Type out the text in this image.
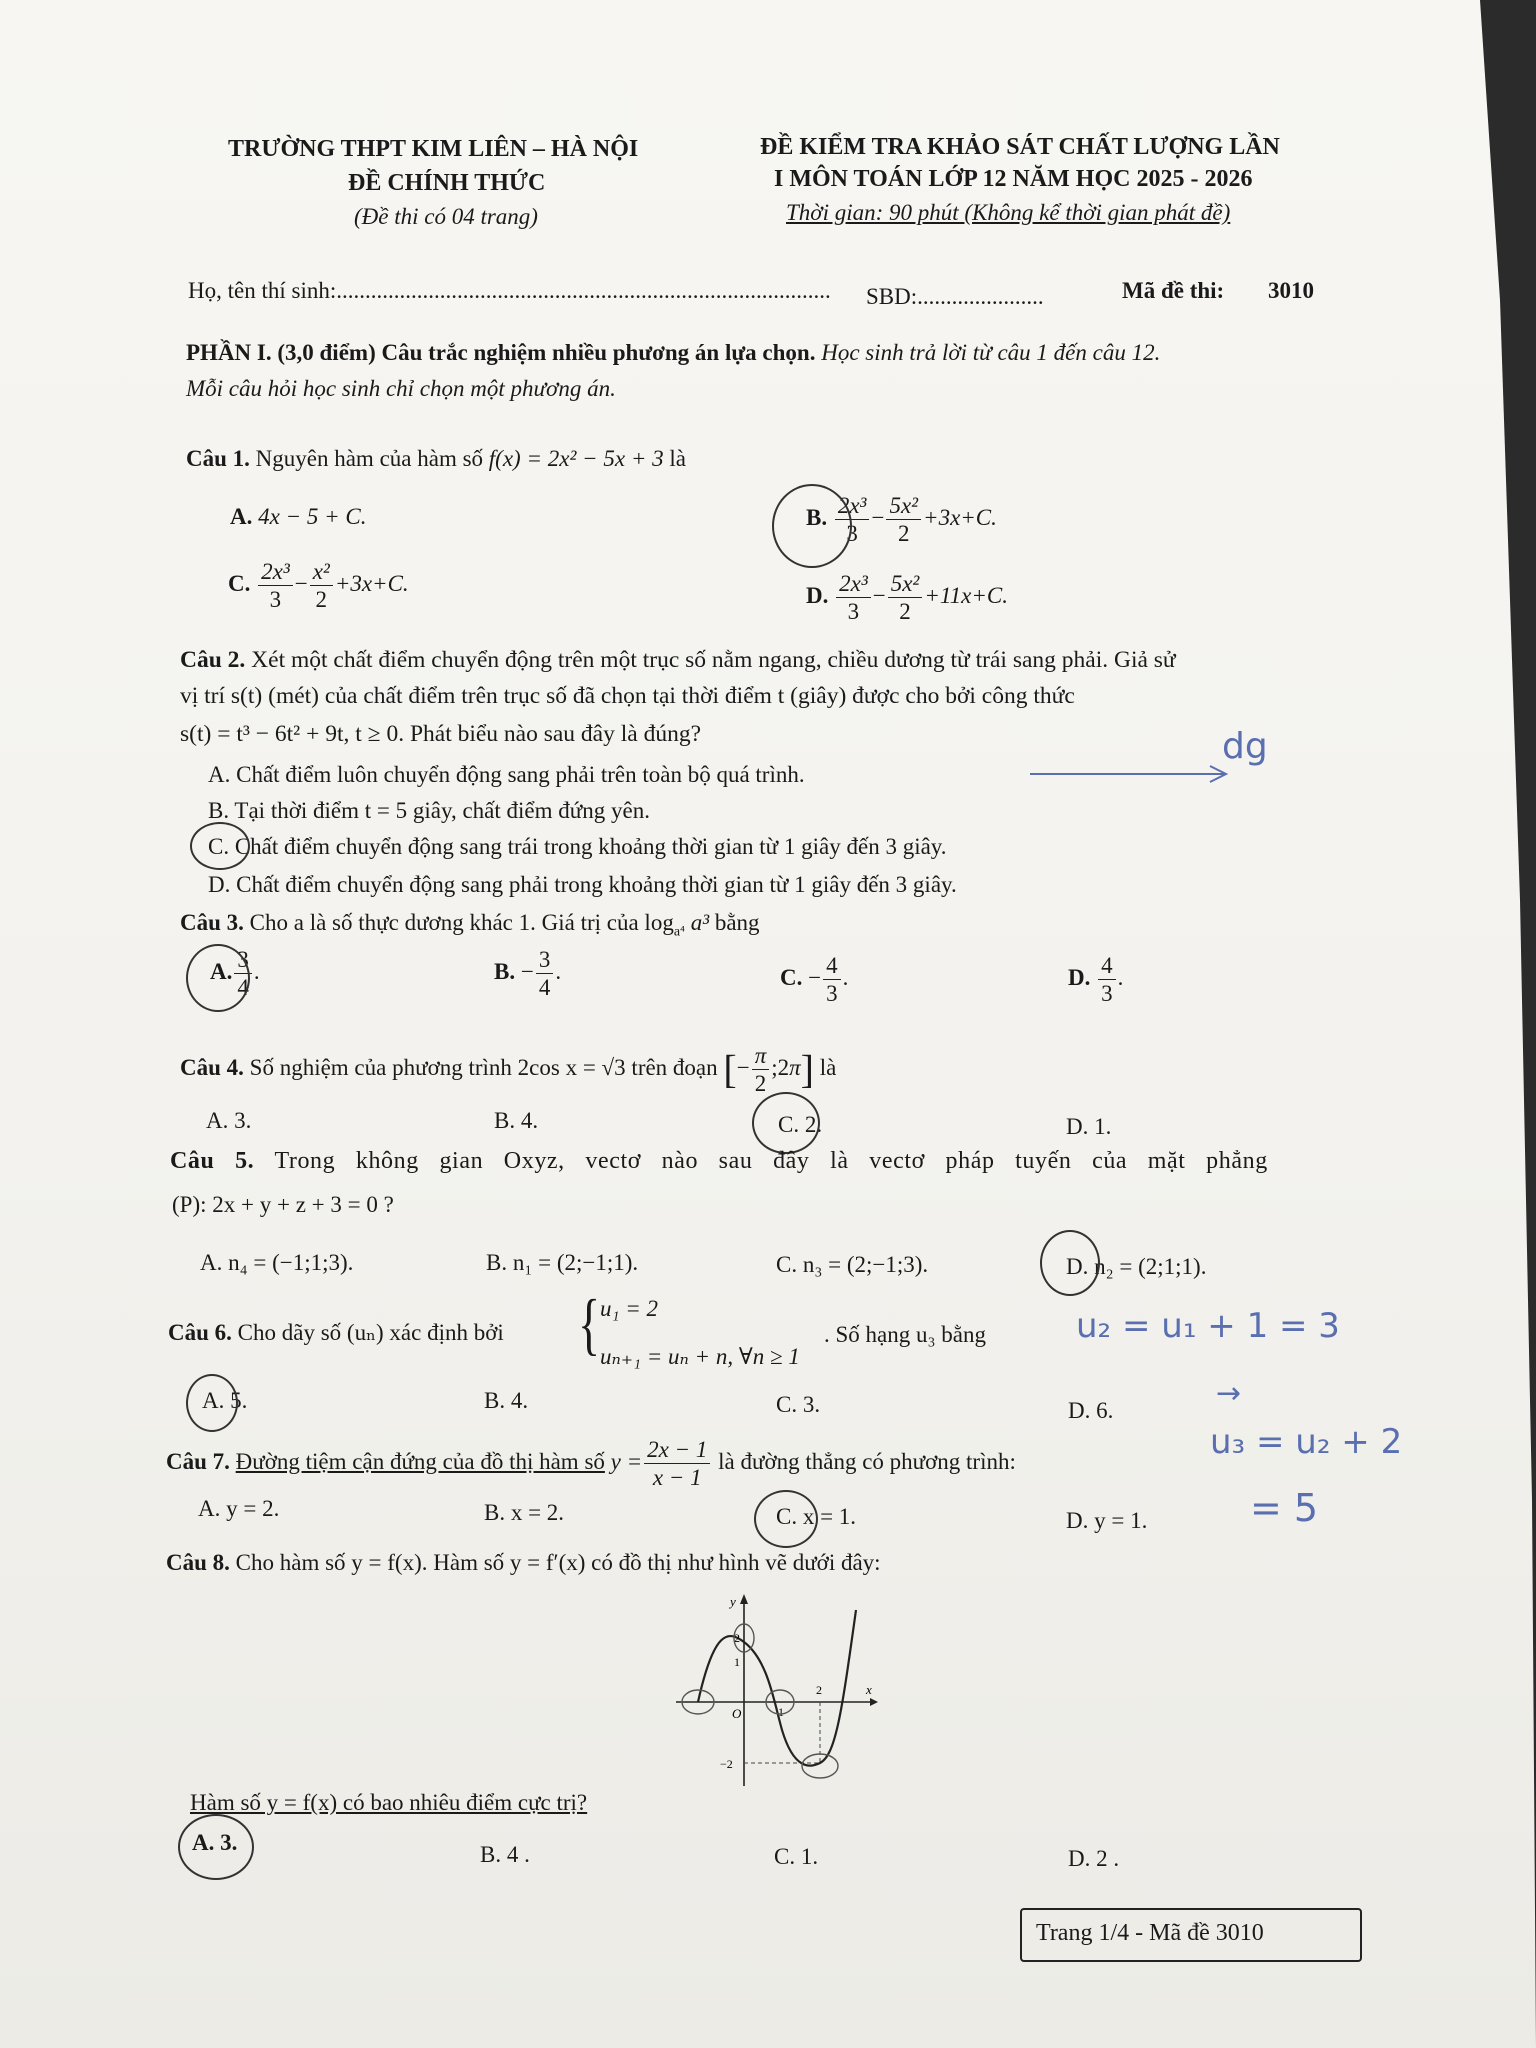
TRƯỜNG THPT KIM LIÊN – HÀ NỘI
ĐỀ CHÍNH THỨC
(Đề thi có 04 trang)
ĐỀ KIỂM TRA KHẢO SÁT CHẤT LƯỢNG LẦN
I MÔN TOÁN LỚP 12 NĂM HỌC 2025 - 2026
Thời gian: 90 phút (Không kể thời gian phát đề)
Họ, tên thí sinh:...................................................................................... SBD:......................	Mã đề thi: 3010
PHẦN I. (3,0 điểm) Câu trắc nghiệm nhiều phương án lựa chọn. Học sinh trả lời từ câu 1 đến câu 12.
Mỗi câu hỏi học sinh chỉ chọn một phương án.
Câu 1. Nguyên hàm của hàm số f(x) = 2x² − 5x + 3 là
A. 4x − 5 + C.	B. $\frac{\text{2x³}}{3} - \frac{\text{5x²}}{2} +3x+C$.
C. $\frac{\text{2x³}}{3} - \frac{\text{x²}}{2} +3x+C$.	D. $\frac{\text{2x³}}{3} - \frac{\text{5x²}}{2} +11x+C$.
Câu 2. Xét một chất điểm chuyển động trên một trục số nằm ngang, chiều dương từ trái sang phải. Giả sử
vị trí s(t) (mét) của chất điểm trên trục số đã chọn tại thời điểm t (giây) được cho bởi công thức
s(t) = t³ − 6t² + 9t, t ≥ 0. Phát biểu nào sau đây là đúng?
A. Chất điểm luôn chuyển động sang phải trên toàn bộ quá trình.
B. Tại thời điểm t = 5 giây, chất điểm đứng yên.
C. Chất điểm chuyển động sang trái trong khoảng thời gian từ 1 giây đến 3 giây.
D. Chất điểm chuyển động sang phải trong khoảng thời gian từ 1 giây đến 3 giây.
Câu 3. Cho a là số thực dương khác 1. Giá trị của $\log_{a^4} a^3$ bằng
A. $\frac{3}{4}$ .	B. − $\frac{3}{4}$ .	C. − $\frac{4}{3}$ .	D. $\frac{4}{3}$ .
Câu 4. Số nghiệm của phương trình 2cos x = √3 trên đoạn [− $\frac{\pi}{2}$ ;2π] là
A. 3.	B. 4.	C. 2.	D. 1.
Câu 5. Trong không gian Oxyz, vectơ nào sau đây là vectơ pháp tuyến của mặt phẳng
(P): 2x + y + z + 3 = 0 ?
A. n₄ = (−1;1;3).	B. n₁ = (2;−1;1).	C. n₃ = (2;−1;3).	D. n₂ = (2;1;1).
Câu 6. Cho dãy số (uₙ) xác định bởi { u₁ = 2
uₙ₊₁ = uₙ + n, ∀n ≥ 1
. Số hạng u₃ bằng
A. 5.	B. 4.	C. 3.	D. 6.
Câu 7. Đường tiệm cận đứng của đồ thị hàm số $y = \frac{2x - 1}{x - 1}$ là đường thẳng có phương trình:
A. y = 2.	B. x = 2.	C. x = 1.	D. y = 1.
Câu 8. Cho hàm số y = f(x). Hàm số y = f′(x) có đồ thị như hình vẽ dưới đây:
y
x
O
1
2
−2
1
2
Hàm số y = f(x) có bao nhiêu điểm cực trị?
A. 3.	B. 4 .	C. 1.	D. 2 .
dg
u₂ = u₁ + 1 = 3
→
u₃ = u₂ + 2
= 5
Trang 1/4 - Mã đề 3010
